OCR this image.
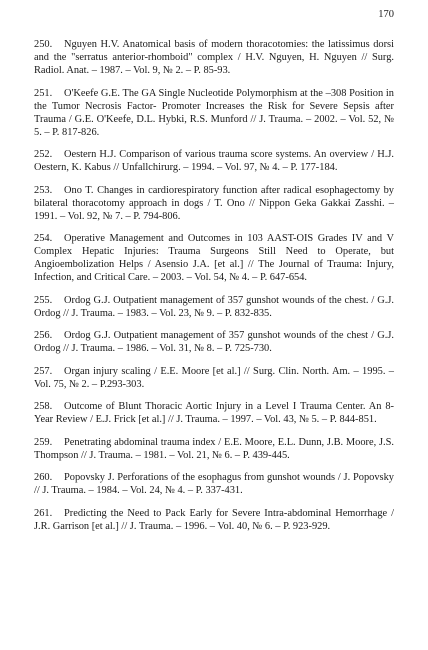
170

250. Nguyen H.V. Anatomical basis of modern thoracotomies: the latissimus dorsi and the "serratus anterior-rhomboid" complex / H.V. Nguyen, H. Nguyen // Surg. Radiol. Anat. – 1987. – Vol. 9, № 2. – P. 85-93.

251. O'Keefe G.E. The GA Single Nucleotide Polymorphism at the –308 Position in the Tumor Necrosis Factor- Promoter Increases the Risk for Severe Sepsis after Trauma / G.E. O'Keefe, D.L. Hybki, R.S. Munford // J. Trauma. – 2002. – Vol. 52, № 5. – P. 817-826.

252. Oestern H.J. Comparison of various trauma score systems. An overview / H.J. Oestern, K. Kabus // Unfallchirurg. – 1994. – Vol. 97, № 4. – P. 177-184.

253. Ono T. Changes in cardiorespiratory function after radical esophagectomy by bilateral thoracotomy approach in dogs / T. Ono // Nippon Geka Gakkai Zasshi. – 1991. – Vol. 92, № 7. – P. 794-806.

254. Operative Management and Outcomes in 103 AAST-OIS Grades IV and V Complex Hepatic Injuries: Trauma Surgeons Still Need to Operate, but Angioembolization Helps / Asensio J.A. [et al.] // The Journal of Trauma: Injury, Infection, and Critical Care. – 2003. – Vol. 54, № 4. – P. 647-654.

255. Ordog G.J. Outpatient management of 357 gunshot wounds of the chest. / G.J. Ordog // J. Trauma. – 1983. – Vol. 23, № 9. – P. 832-835.

256. Ordog G.J. Outpatient management of 357 gunshot wounds of the chest / G.J. Ordog // J. Trauma. – 1986. – Vol. 31, № 8. – P. 725-730.

257. Organ injury scaling / E.E. Moore [et al.] // Surg. Clin. North. Am. – 1995. – Vol. 75, № 2. – P.293-303.

258. Outcome of Blunt Thoracic Aortic Injury in a Level I Trauma Center. An 8-Year Review / E.J. Frick [et al.] // J. Trauma. – 1997. – Vol. 43, № 5. – P. 844-851.

259. Penetrating abdominal trauma index / E.E. Moore, E.L. Dunn, J.B. Moore, J.S. Thompson // J. Trauma. – 1981. – Vol. 21, № 6. – P. 439-445.

260. Popovsky J. Perforations of the esophagus from gunshot wounds / J. Popovsky // J. Trauma. – 1984. – Vol. 24, № 4. – P. 337-431.

261. Predicting the Need to Pack Early for Severe Intra-abdominal Hemorrhage / J.R. Garrison [et al.] // J. Trauma. – 1996. – Vol. 40, № 6. – P. 923-929.
